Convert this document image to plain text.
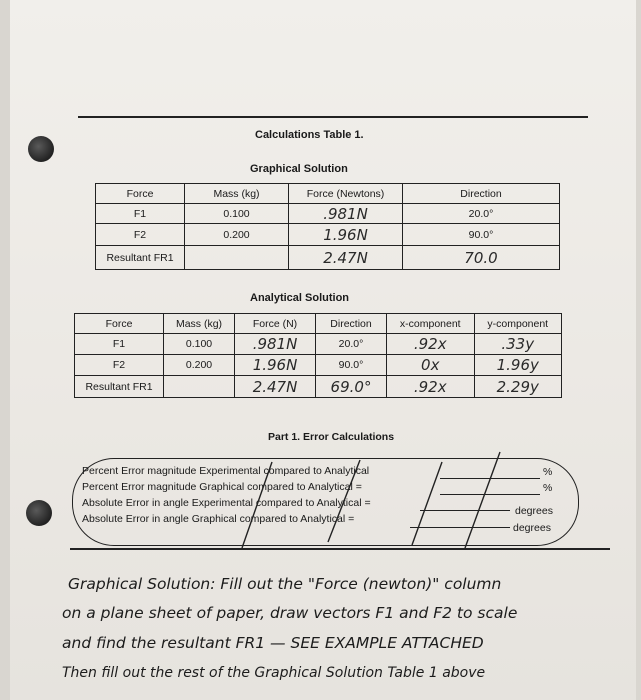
Calculations Table 1.
Graphical Solution
Force	Mass (kg)	Force (Newtons)	Direction
F1	0.100	.981N	20.0°
F2	0.200	1.96N	90.0°
Resultant FR1		2.47N	70.0
Analytical Solution
Force	Mass (kg)	Force (N)	Direction	x-component	y-component
F1	0.100	.981N	20.0°	.92x	.33y
F2	0.200	1.96N	90.0°	0x	1.96y
Resultant FR1		2.47N	69.0°	.92x	2.29y
Part 1. Error Calculations
Percent Error magnitude Experimental compared to Analytical	%
Percent Error magnitude Graphical compared to Analytical =	%
Absolute Error in angle Experimental compared to Analytical =
degrees
Absolute Error in angle Graphical compared to Analytical =
degrees
Graphical Solution: Fill out the "Force (newton)" column
on a plane sheet of paper, draw vectors F1 and F2 to scale
and find the resultant FR1 — SEE EXAMPLE ATTACHED
Then fill out the rest of the Graphical Solution Table 1 above
